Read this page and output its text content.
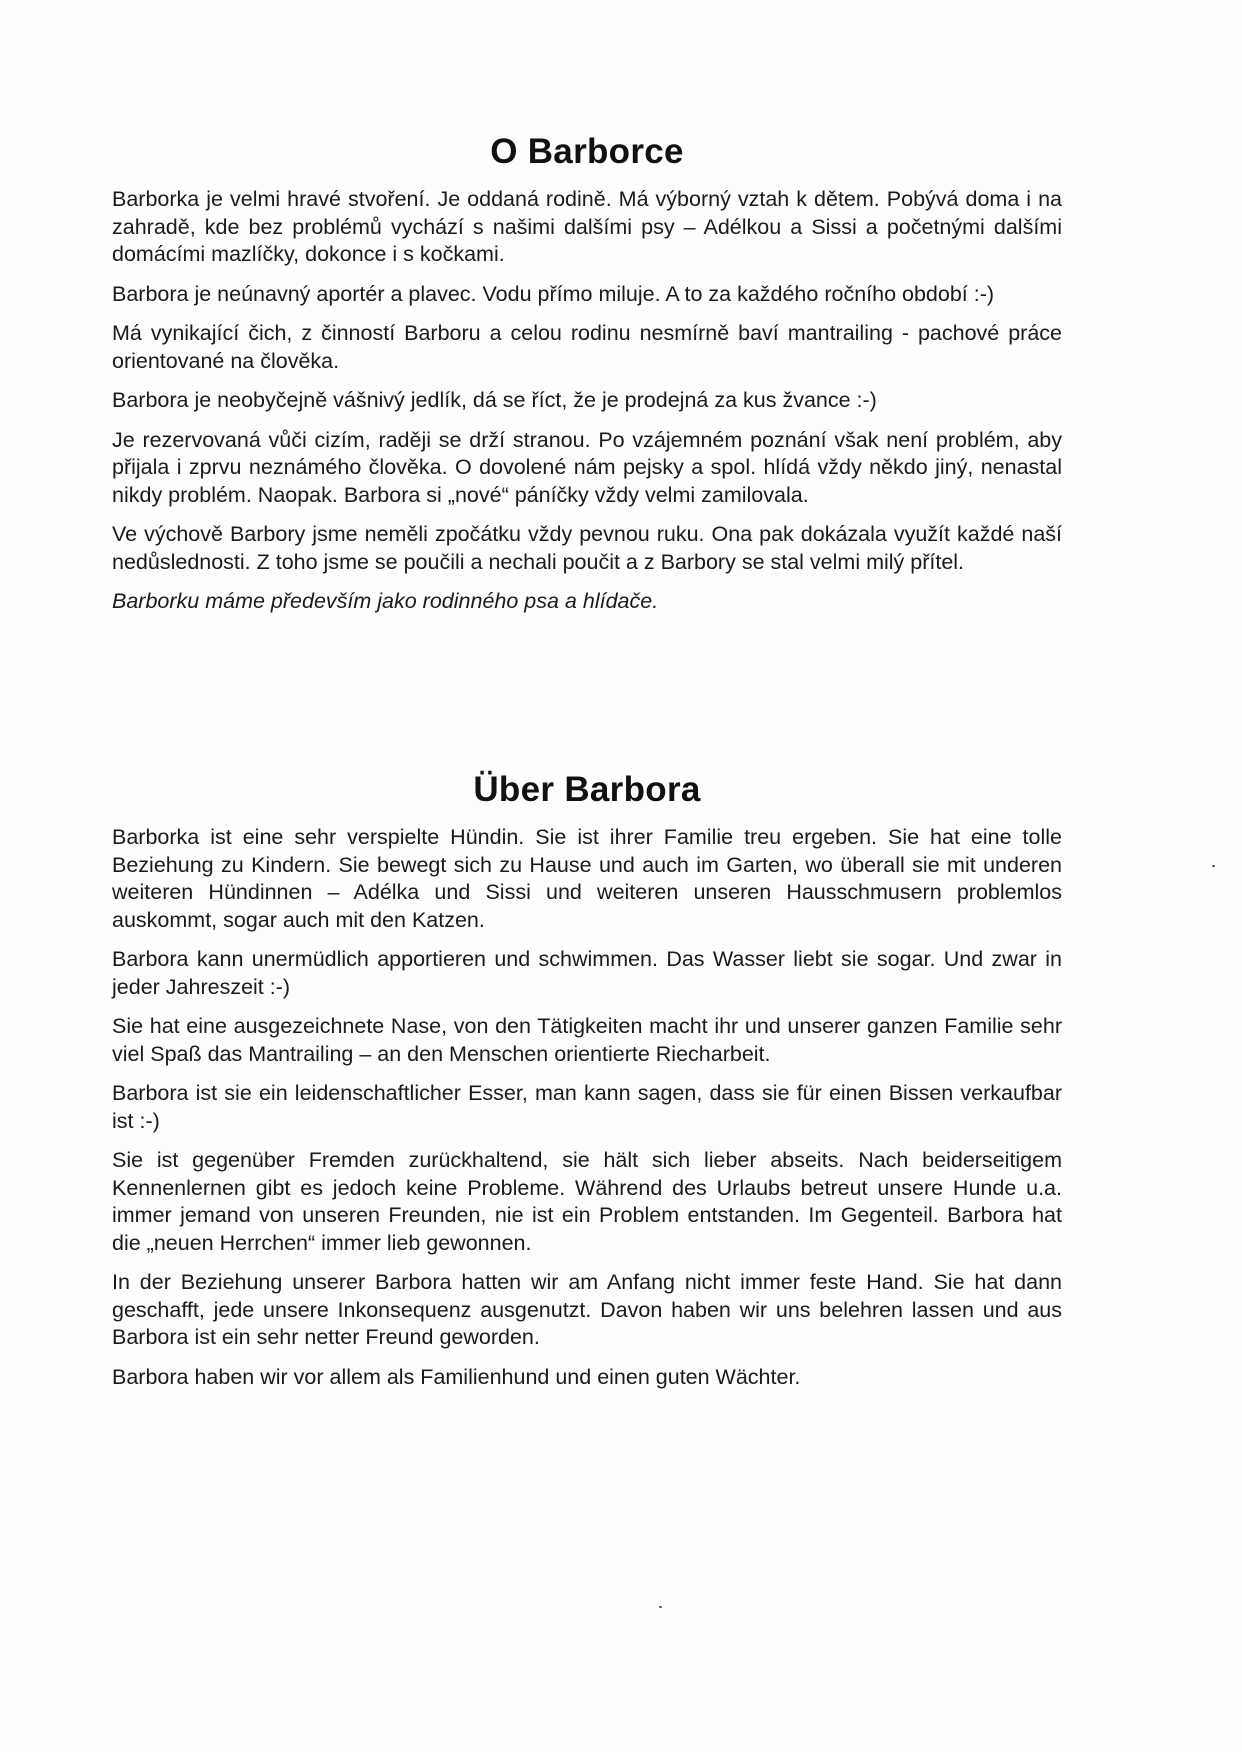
O Barborce

Barborka je velmi hravé stvoření. Je oddaná rodině. Má výborný vztah k dětem. Pobývá doma i na zahradě, kde bez problémů vychází s našimi dalšími psy – Adélkou a Sissi a početnými dalšími domácími mazlíčky, dokonce i s kočkami.

Barbora je neúnavný aportér a plavec. Vodu přímo miluje. A to za každého ročního období :-)

Má vynikající čich, z činností Barboru a celou rodinu nesmírně baví mantrailing - pachové práce orientované na člověka.

Barbora je neobyčejně vášnivý jedlík, dá se říct, že je prodejná za kus žvance :-)

Je rezervovaná vůči cizím, raději se drží stranou. Po vzájemném poznání však není problém, aby přijala i zprvu neznámého člověka. O dovolené nám pejsky a spol. hlídá vždy někdo jiný, nenastal nikdy problém. Naopak. Barbora si „nové“ páníčky vždy velmi zamilovala.

Ve výchově Barbory jsme neměli zpočátku vždy pevnou ruku. Ona pak dokázala využít každé naší nedůslednosti. Z toho jsme se poučili a nechali poučit a z Barbory se stal velmi milý přítel.

Barborku máme především jako rodinného psa a hlídače.

Über Barbora

Barborka ist eine sehr verspielte Hündin. Sie ist ihrer Familie treu ergeben. Sie hat eine tolle Beziehung zu Kindern. Sie bewegt sich zu Hause und auch im Garten, wo überall sie mit underen weiteren Hündinnen – Adélka und Sissi und weiteren unseren Hausschmusern problemlos auskommt, sogar auch mit den Katzen.

Barbora kann unermüdlich apportieren und schwimmen. Das Wasser liebt sie sogar. Und zwar in jeder Jahreszeit :-)

Sie hat eine ausgezeichnete Nase, von den Tätigkeiten macht ihr und unserer ganzen Familie sehr viel Spaß das Mantrailing – an den Menschen orientierte Riecharbeit.

Barbora ist sie ein leidenschaftlicher Esser, man kann sagen, dass sie für einen Bissen verkaufbar ist :-)

Sie ist gegenüber Fremden zurückhaltend, sie hält sich lieber abseits. Nach beiderseitigem Kennenlernen gibt es jedoch keine Probleme. Während des Urlaubs betreut unsere Hunde u.a. immer jemand von unseren Freunden, nie ist ein Problem entstanden. Im Gegenteil. Barbora hat die „neuen Herrchen“ immer lieb gewonnen.

In der Beziehung unserer Barbora hatten wir am Anfang nicht immer feste Hand. Sie hat dann geschafft, jede unsere Inkonsequenz ausgenutzt. Davon haben wir uns belehren lassen und aus Barbora ist ein sehr netter Freund geworden.

Barbora haben wir vor allem als Familienhund und einen guten Wächter.
